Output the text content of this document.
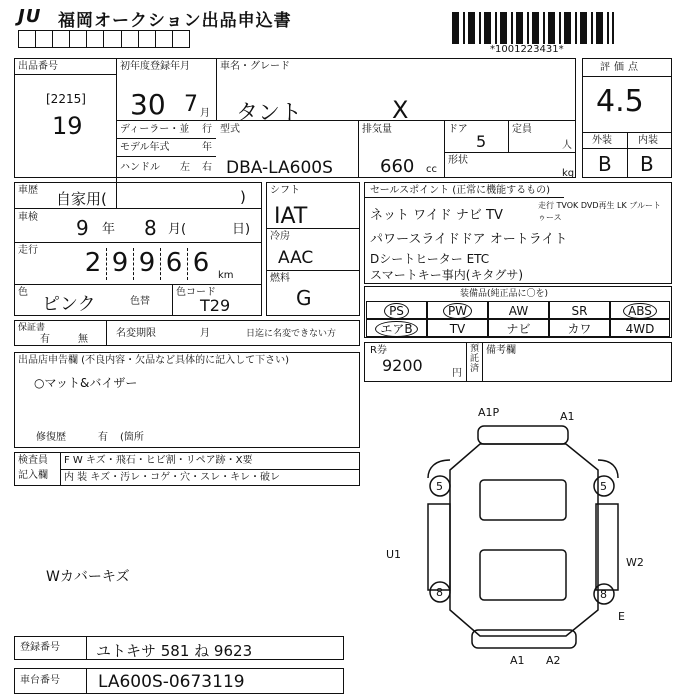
JU 福岡オークション出品申込書
*1001223431*
出品番号
[2215]
19
初年度登録年月
30 7 月
車名・グレード
タント	X
ディーラー・並 行
モデル年式	年
ハンドル 左 右
型式
DBA-LA600S
排気量
660 cc
ドア
5
定員
人
形状
kg
評価点
4.5
外装	内装
B B
車歴 自家用(	)
車検 9 年 8 月(	日)
走行 2 9 9 6 6 km
色
ピンク	色替
色コード
T29
シフト
IAT
冷房
AAC
燃料
G
セールスポイント (正常に機能するもの)
ネット ワイド ナビ TV
走行 TVOK DVD再生 LK ブルートゥース
パワースライドドア オートライト
Dシートヒーター ETC
スマートキー事内(キタグサ)
装備品(純正品に〇を)
PS	PW	AW	SR	ABS
エアB	TV	ナビ	カワ	4WD
保証書
有	無
名変期限	月	日迄に名変できない方
R券
9200	円
預託済
備考欄
出品店申告欄 (不良内容・欠品など具体的に記入して下さい)
○マット&バイザー
修復歴	有 (箇所
検査員
記入欄
F W キズ・飛石・ヒビ割・リペア跡・X要
内 装 キズ・汚レ・コゲ・穴・スレ・キレ・破レ
Wカバーキズ
A1P	A1
5	5
U1
W2
8	8
E
A2
A1
登録番号 ユトキサ 581 ね 9623
車台番号 LA600S-0673119
